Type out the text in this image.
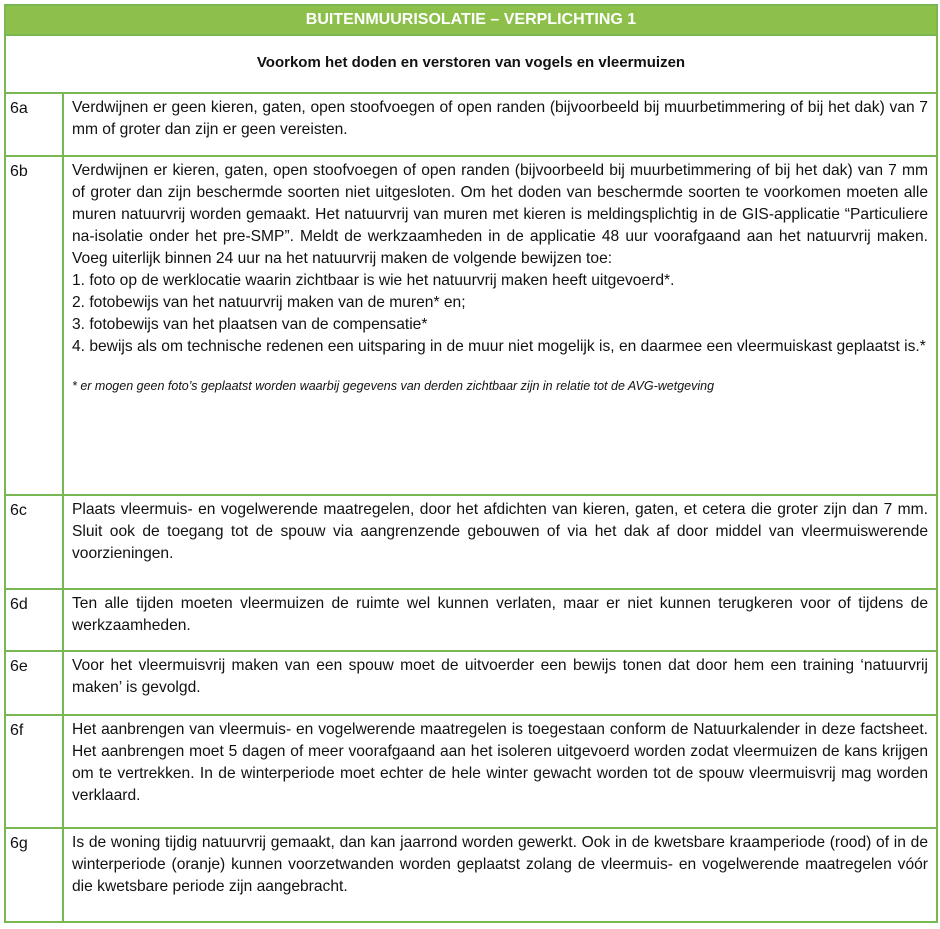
BUITENMUURISOLATIE – VERPLICHTING 1
Voorkom het doden en verstoren van vogels en vleermuizen
6a	Verdwijnen er geen kieren, gaten, open stoofvoegen of open randen (bijvoorbeeld bij muurbetimmering of bij het dak) van 7 mm of groter dan zijn er geen vereisten.

6b	Verdwijnen er kieren, gaten, open stoofvoegen of open randen (bijvoorbeeld bij muurbetimmering of bij het dak) van 7 mm of groter dan zijn beschermde soorten niet uitgesloten. Om het doden van beschermde soorten te voorkomen moeten alle muren natuurvrij worden gemaakt. Het natuurvrij van muren met kieren is meldingsplichtig in de GIS-applicatie “Particuliere na-isolatie onder het pre-SMP”. Meldt de werkzaamheden in de applicatie 48 uur voorafgaand aan het natuurvrij maken. Voeg uiterlijk binnen 24 uur na het natuurvrij maken de volgende bewijzen toe:

1. foto op de werklocatie waarin zichtbaar is wie het natuurvrij maken heeft uitgevoerd*.

2. fotobewijs van het natuurvrij maken van de muren* en;

3. fotobewijs van het plaatsen van de compensatie*

4. bewijs als om technische redenen een uitsparing in de muur niet mogelijk is, en daarmee een vleermuiskast geplaatst is.*

* er mogen geen foto’s geplaatst worden waarbij gegevens van derden zichtbaar zijn in relatie tot de AVG-wetgeving

6c	Plaats vleermuis- en vogelwerende maatregelen, door het afdichten van kieren, gaten, et cetera die groter zijn dan 7 mm. Sluit ook de toegang tot de spouw via aangrenzende gebouwen of via het dak af door middel van vleermuiswerende voorzieningen.

6d	Ten alle tijden moeten vleermuizen de ruimte wel kunnen verlaten, maar er niet kunnen terugkeren voor of tijdens de werkzaamheden.

6e	Voor het vleermuisvrij maken van een spouw moet de uitvoerder een bewijs tonen dat door hem een training ‘natuurvrij maken’ is gevolgd.

6f	Het aanbrengen van vleermuis- en vogelwerende maatregelen is toegestaan conform de Natuurkalender in deze factsheet. Het aanbrengen moet 5 dagen of meer voorafgaand aan het isoleren uitgevoerd worden zodat vleermuizen de kans krijgen om te vertrekken. In de winterperiode moet echter de hele winter gewacht worden tot de spouw vleermuisvrij mag worden verklaard.

6g	Is de woning tijdig natuurvrij gemaakt, dan kan jaarrond worden gewerkt. Ook in de kwetsbare kraamperiode (rood) of in de winterperiode (oranje) kunnen voorzetwanden worden geplaatst zolang de vleermuis- en vogelwerende maatregelen vóór die kwetsbare periode zijn aangebracht.
